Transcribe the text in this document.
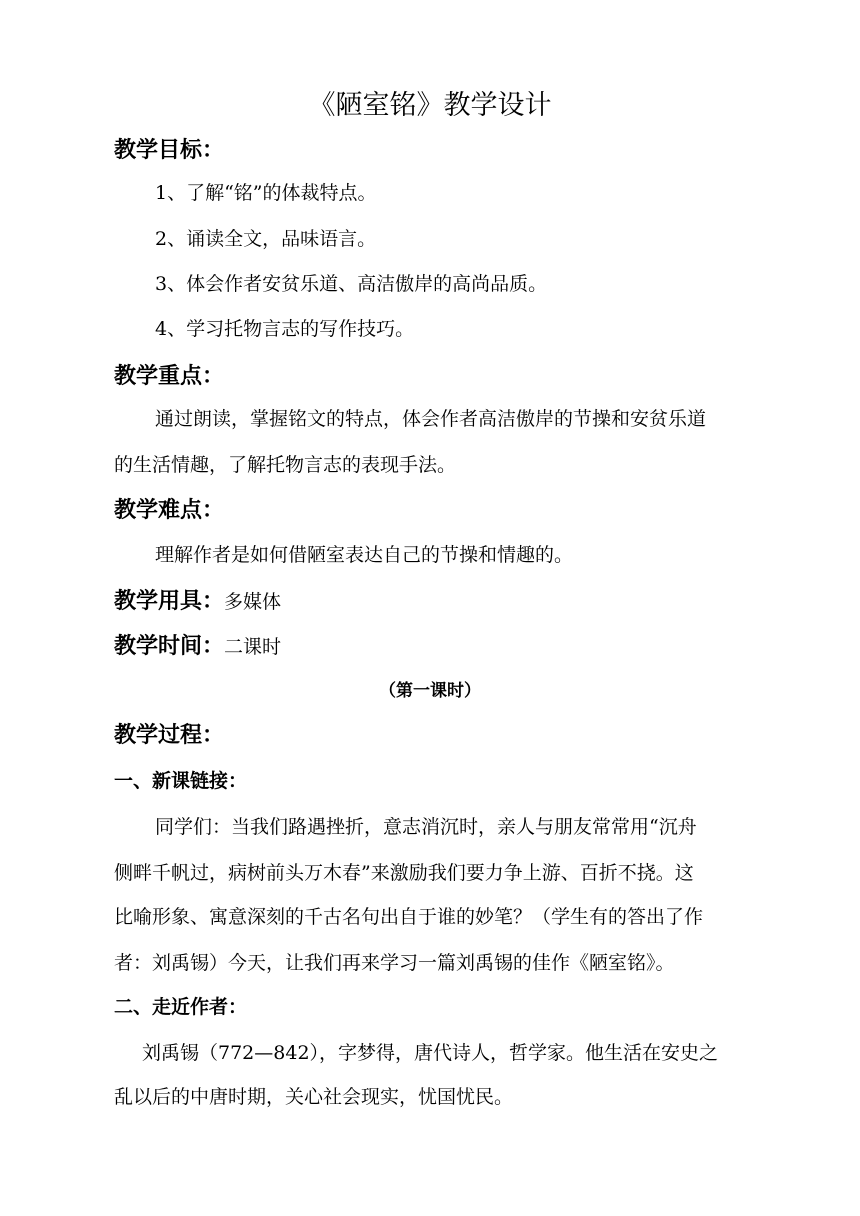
《陋室铭》教学设计
教学目标：
1、了解“铭”的体裁特点。
2、诵读全文，品味语言。
3、体会作者安贫乐道、高洁傲岸的高尚品质。
4、学习托物言志的写作技巧。
教学重点：
通过朗读，掌握铭文的特点，体会作者高洁傲岸的节操和安贫乐道
的生活情趣，了解托物言志的表现手法。
教学难点：
理解作者是如何借陋室表达自己的节操和情趣的。
教学用具：多媒体
教学时间：二课时
（第一课时）
教学过程：
一、新课链接：
同学们：当我们路遇挫折，意志消沉时，亲人与朋友常常用“沉舟
侧畔千帆过，病树前头万木春”来激励我们要力争上游、百折不挠。这
比喻形象、寓意深刻的千古名句出自于谁的妙笔？（学生有的答出了作
者：刘禹锡）今天，让我们再来学习一篇刘禹锡的佳作《陋室铭》。
二、走近作者：
刘禹锡（772—842），字梦得，唐代诗人，哲学家。他生活在安史之
乱以后的中唐时期，关心社会现实，忧国忧民。
